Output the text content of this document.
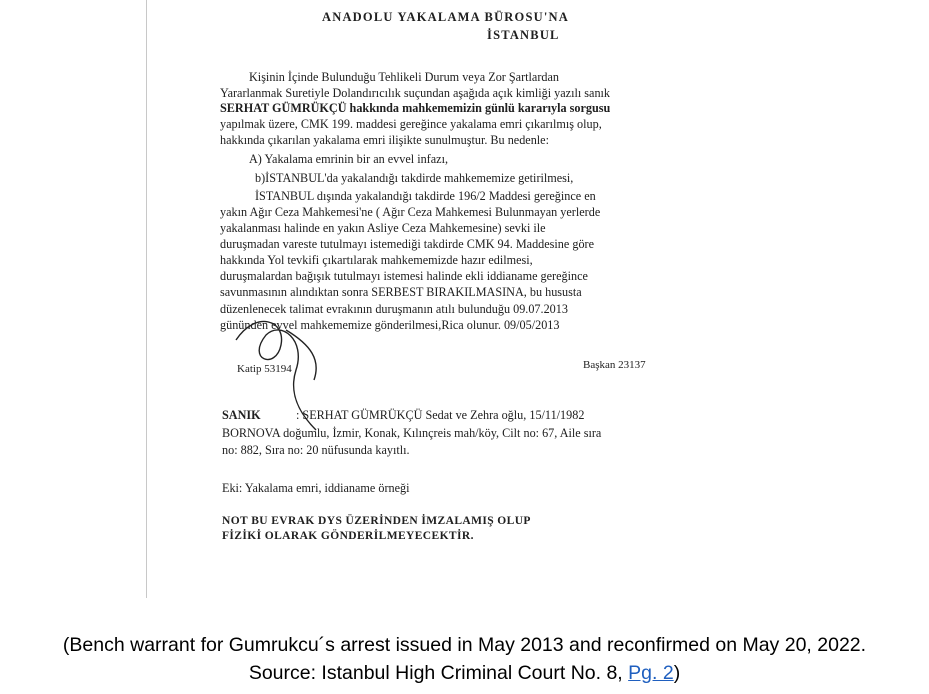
ANADOLU YAKALAMA BÜROSU'NA
İSTANBUL
Kişinin İçinde Bulunduğu Tehlikeli Durum veya Zor Şartlardan
Yararlanmak Suretiyle Dolandırıcılık suçundan aşağıda açık kimliği yazılı sanık
SERHAT GÜMRÜKÇÜ hakkında mahkememizin günlü kararıyla sorgusu
yapılmak üzere, CMK 199. maddesi gereğince yakalama emri çıkarılmış olup,
hakkında çıkarılan yakalama emri ilişikte sunulmuştur. Bu nedenle:
A) Yakalama emrinin bir an evvel infazı,
b)İSTANBUL'da yakalandığı takdirde mahkememize getirilmesi,
İSTANBUL dışında yakalandığı takdirde 196/2 Maddesi gereğince en
yakın Ağır Ceza Mahkemesi'ne ( Ağır Ceza Mahkemesi Bulunmayan yerlerde
yakalanması halinde en yakın Asliye Ceza Mahkemesine) sevki ile
duruşmadan vareste tutulmayı istemediği takdirde CMK 94. Maddesine göre
hakkında Yol tevkifi çıkartılarak mahkememizde hazır edilmesi,
duruşmalardan bağışık tutulmayı istemesi halinde ekli iddianame gereğince
savunmasının alındıktan sonra SERBEST BIRAKILMASINA, bu hususta
düzenlenecek talimat evrakının duruşmanın atılı bulunduğu 09.07.2013
gününden evvel mahkememize gönderilmesi,Rica olunur. 09/05/2013
Katip 53194	Başkan 23137
SANIK	: SERHAT GÜMRÜKÇÜ Sedat ve Zehra oğlu, 15/11/1982
BORNOVA doğumlu, İzmir, Konak, Kılınçreis mah/köy, Cilt no: 67, Aile sıra
no: 882, Sıra no: 20 nüfusunda kayıtlı.
Eki: Yakalama emri, iddianame örneği
NOT BU EVRAK DYS ÜZERİNDEN İMZALAMIŞ OLUP
FİZİKİ OLARAK GÖNDERİLMEYECEKTİR.
(Bench warrant for Gumrukcu´s arrest issued in May 2013 and reconfirmed on May 20, 2022.
Source: Istanbul High Criminal Court No. 8, Pg. 2)
